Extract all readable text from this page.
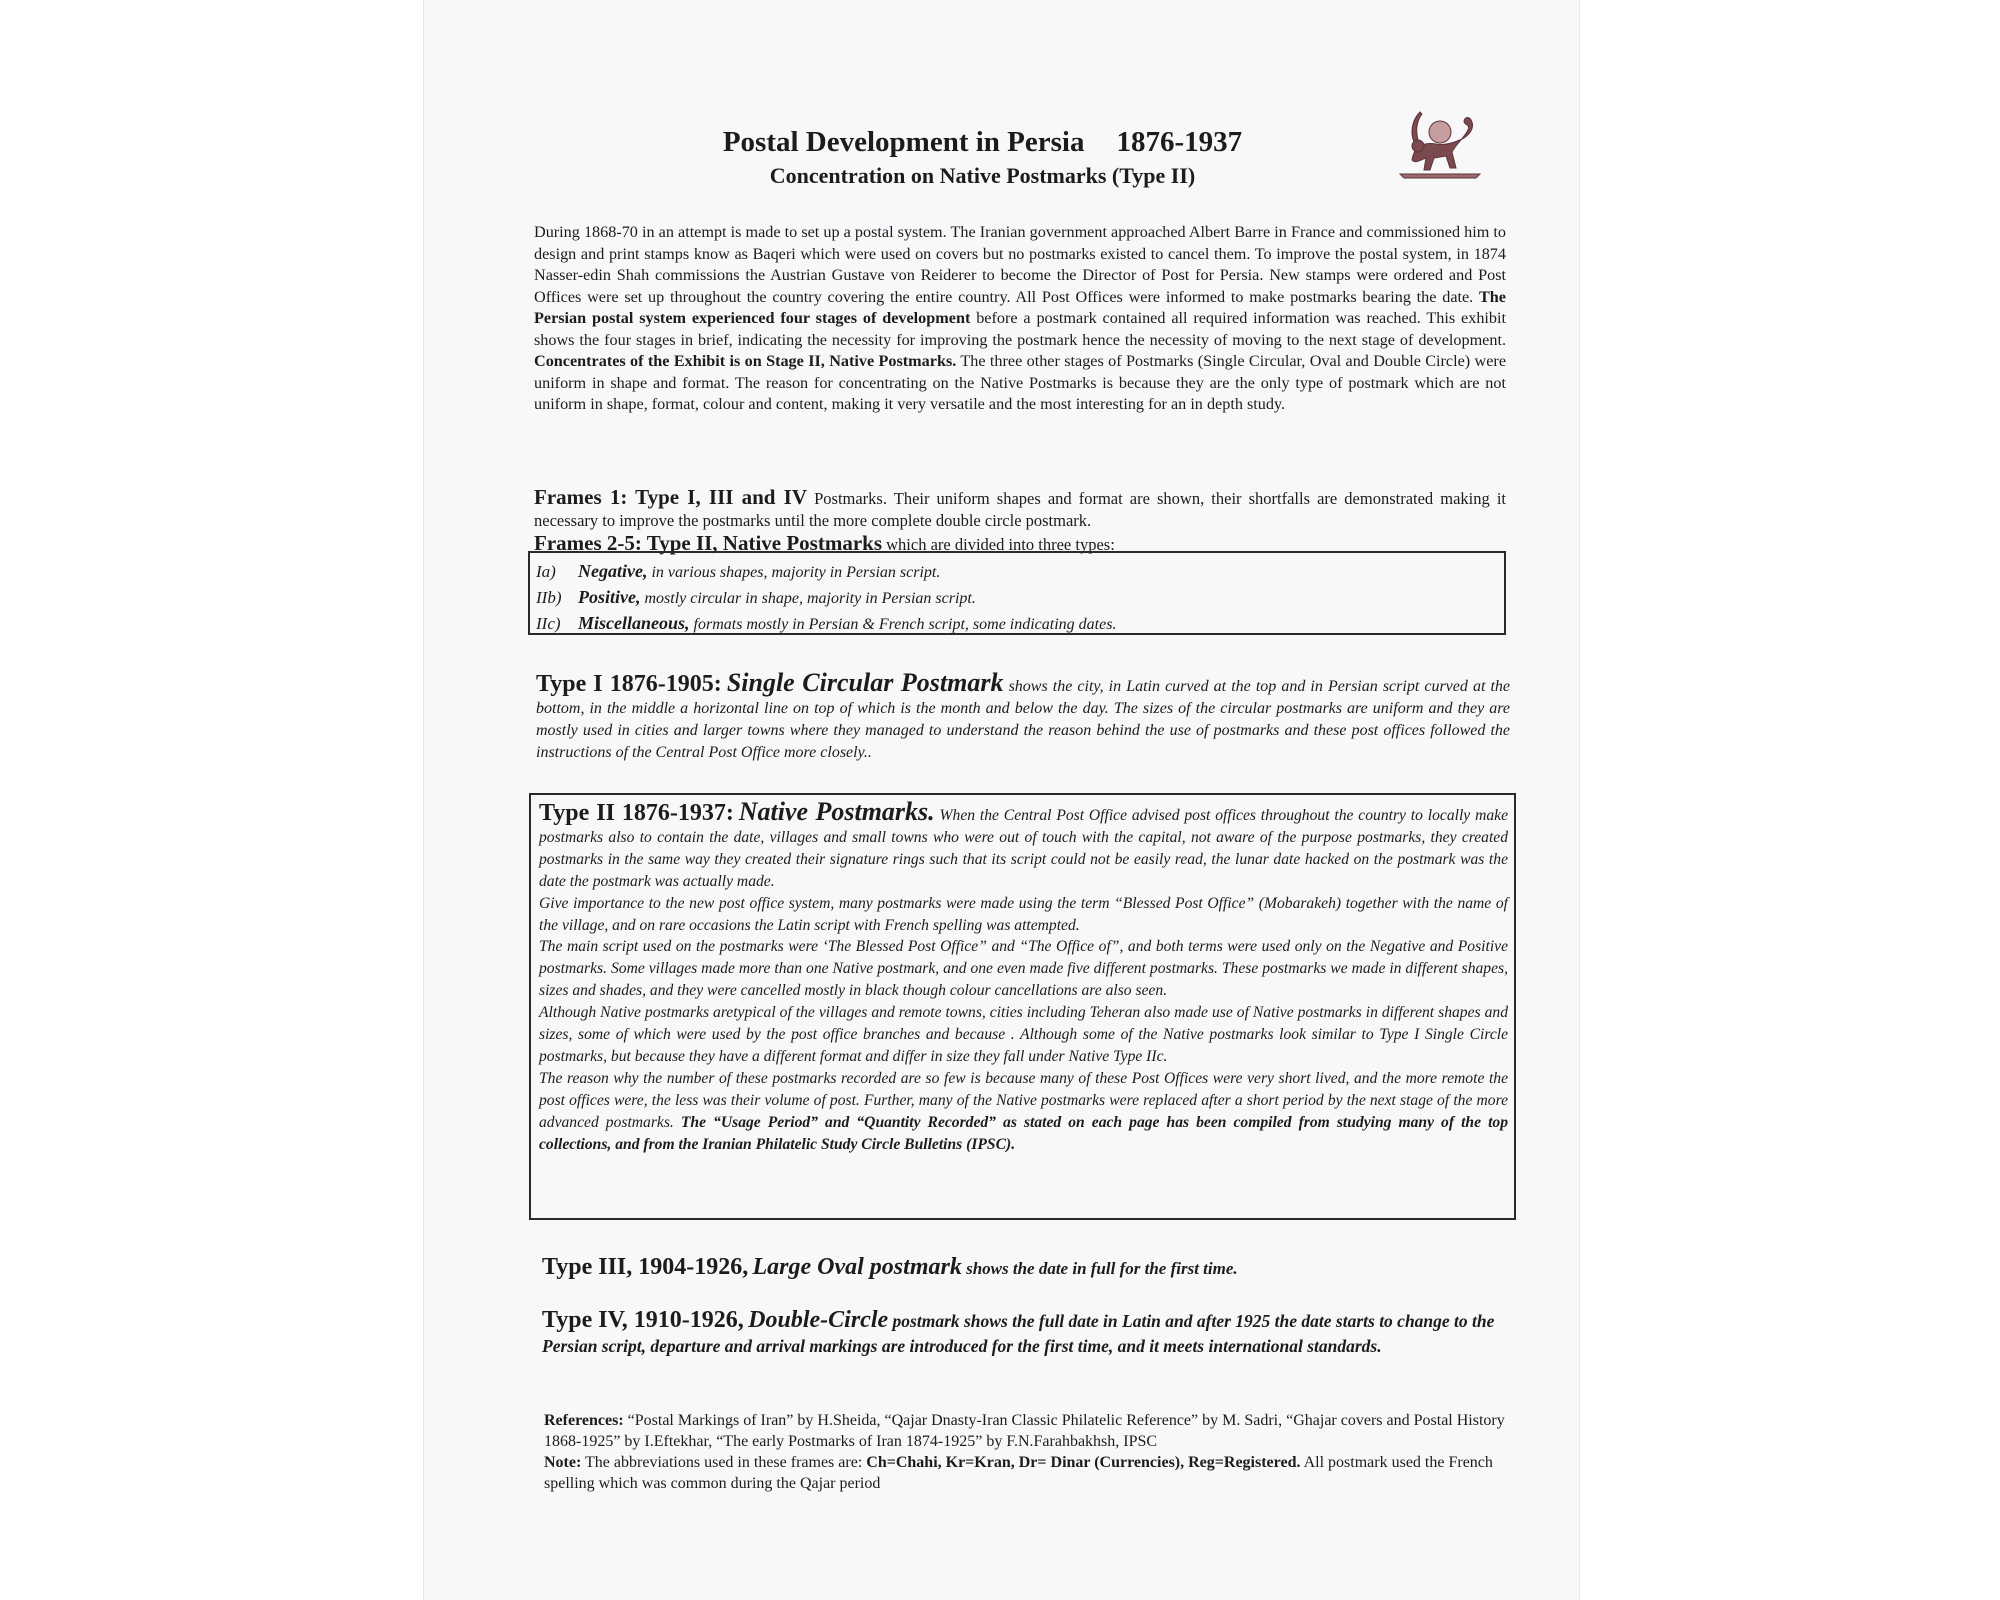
Postal Development in Persia 1876-1937
Concentration on Native Postmarks (Type II)
During 1868-70 in an attempt is made to set up a postal system. The Iranian government approached Albert Barre in France and commissioned him to design and print stamps know as Baqeri which were used on covers but no postmarks existed to cancel them. To improve the postal system, in 1874 Nasser-edin Shah commissions the Austrian Gustave von Reiderer to become the Director of Post for Persia. New stamps were ordered and Post Offices were set up throughout the country covering the entire country. All Post Offices were informed to make postmarks bearing the date. The Persian postal system experienced four stages of development before a postmark contained all required information was reached. This exhibit shows the four stages in brief, indicating the necessity for improving the postmark hence the necessity of moving to the next stage of development. Concentrates of the Exhibit is on Stage II, Native Postmarks. The three other stages of Postmarks (Single Circular, Oval and Double Circle) were uniform in shape and format. The reason for concentrating on the Native Postmarks is because they are the only type of postmark which are not uniform in shape, format, colour and content, making it very versatile and the most interesting for an in depth study.
Frames 1: Type I, III and IV Postmarks. Their uniform shapes and format are shown, their shortfalls are demonstrated making it necessary to improve the postmarks until the more complete double circle postmark.
Frames 2-5: Type II, Native Postmarks which are divided into three types:
Ia) Negative, in various shapes, majority in Persian script.
IIb) Positive, mostly circular in shape, majority in Persian script.
IIc) Miscellaneous, formats mostly in Persian & French script, some indicating dates.
Type I 1876-1905: Single Circular Postmark shows the city, in Latin curved at the top and in Persian script curved at the bottom, in the middle a horizontal line on top of which is the month and below the day. The sizes of the circular postmarks are uniform and they are mostly used in cities and larger towns where they managed to understand the reason behind the use of postmarks and these post offices followed the instructions of the Central Post Office more closely..
Type II 1876-1937: Native Postmarks. When the Central Post Office advised post offices throughout the country to locally make postmarks also to contain the date, villages and small towns who were out of touch with the capital, not aware of the purpose postmarks, they created postmarks in the same way they created their signature rings such that its script could not be easily read, the lunar date hacked on the postmark was the date the postmark was actually made.
Give importance to the new post office system, many postmarks were made using the term “Blessed Post Office” (Mobarakeh) together with the name of the village, and on rare occasions the Latin script with French spelling was attempted.
The main script used on the postmarks were ‘The Blessed Post Office” and “The Office of”, and both terms were used only on the Negative and Positive postmarks. Some villages made more than one Native postmark, and one even made five different postmarks. These postmarks we made in different shapes, sizes and shades, and they were cancelled mostly in black though colour cancellations are also seen.
Although Native postmarks aretypical of the villages and remote towns, cities including Teheran also made use of Native postmarks in different shapes and sizes, some of which were used by the post office branches and because . Although some of the Native postmarks look similar to Type I Single Circle postmarks, but because they have a different format and differ in size they fall under Native Type IIc.
The reason why the number of these postmarks recorded are so few is because many of these Post Offices were very short lived, and the more remote the post offices were, the less was their volume of post. Further, many of the Native postmarks were replaced after a short period by the next stage of the more advanced postmarks. The “Usage Period” and “Quantity Recorded” as stated on each page has been compiled from studying many of the top collections, and from the Iranian Philatelic Study Circle Bulletins (IPSC).
Type III, 1904-1926, Large Oval postmark shows the date in full for the first time.
Type IV, 1910-1926, Double-Circle postmark shows the full date in Latin and after 1925 the date starts to change to the Persian script, departure and arrival markings are introduced for the first time, and it meets international standards.
References: “Postal Markings of Iran” by H.Sheida, “Qajar Dnasty-Iran Classic Philatelic Reference” by M. Sadri, “Ghajar covers and Postal History 1868-1925” by I.Eftekhar, “The early Postmarks of Iran 1874-1925” by F.N.Farahbakhsh, IPSC
Note: The abbreviations used in these frames are: Ch=Chahi, Kr=Kran, Dr= Dinar (Currencies), Reg=Registered. All postmark used the French spelling which was common during the Qajar period
